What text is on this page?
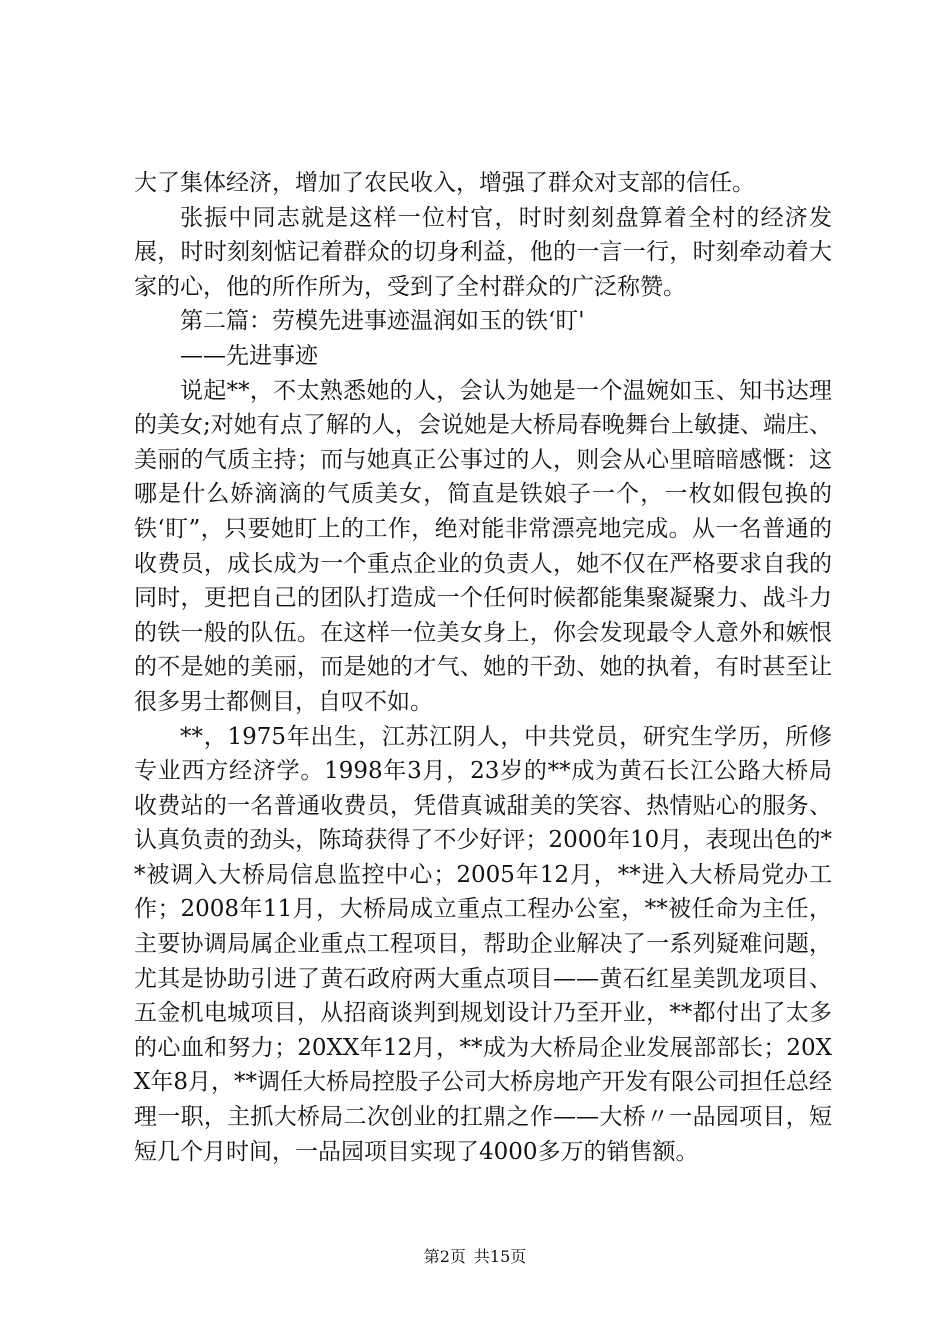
大了集体经济，增加了农民收入，增强了群众对支部的信任。

张振中同志就是这样一位村官，时时刻刻盘算着全村的经济发展，时时刻刻惦记着群众的切身利益，他的一言一行，时刻牵动着大家的心，他的所作所为，受到了全村群众的广泛称赞。

第二篇：劳模先进事迹温润如玉的铁‘盯'

——先进事迹

说起**，不太熟悉她的人，会认为她是一个温婉如玉、知书达理的美女;对她有点了解的人，会说她是大桥局春晚舞台上敏捷、端庄、美丽的气质主持；而与她真正公事过的人，则会从心里暗暗感慨：这哪是什么娇滴滴的气质美女，简直是铁娘子一个，一枚如假包换的铁‘盯”，只要她盯上的工作，绝对能非常漂亮地完成。从一名普通的收费员，成长成为一个重点企业的负责人，她不仅在严格要求自我的同时，更把自己的团队打造成一个任何时候都能集聚凝聚力、战斗力的铁一般的队伍。在这样一位美女身上，你会发现最令人意外和嫉恨的不是她的美丽，而是她的才气、她的干劲、她的执着，有时甚至让很多男士都侧目，自叹不如。

**，1975年出生，江苏江阴人，中共党员，研究生学历，所修专业西方经济学。1998年3月，23岁的**成为黄石长江公路大桥局收费站的一名普通收费员，凭借真诚甜美的笑容、热情贴心的服务、认真负责的劲头，陈琦获得了不少好评；2000年10月，表现出色的**被调入大桥局信息监控中心；2005年12月，**进入大桥局党办工作；2008年11月，大桥局成立重点工程办公室，**被任命为主任，主要协调局属企业重点工程项目，帮助企业解决了一系列疑难问题，尤其是协助引进了黄石政府两大重点项目——黄石红星美凯龙项目、五金机电城项目，从招商谈判到规划设计乃至开业，**都付出了太多的心血和努力；20XX年12月，**成为大桥局企业发展部部长；20XX年8月，**调任大桥局控股子公司大桥房地产开发有限公司担任总经理一职，主抓大桥局二次创业的扛鼎之作——大桥〃一品园项目，短短几个月时间，一品园项目实现了4000多万的销售额。

第2页 共15页
